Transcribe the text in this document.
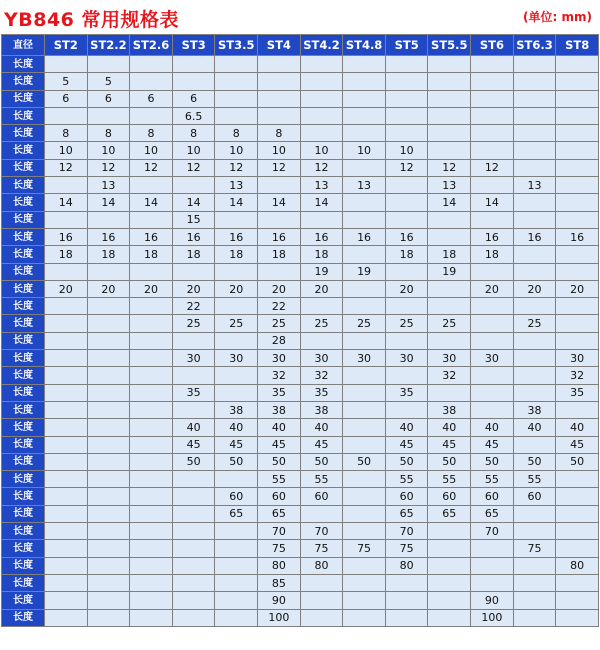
YB846 常用规格表	(单位: mm)
直径	ST2	ST2.2	ST2.6	ST3	ST3.5	ST4	ST4.2	ST4.8	ST5	ST5.5	ST6	ST6.3	ST8
长度													
长度	5	5											
长度	6	6	6	6									
长度				6.5									
长度	8	8	8	8	8	8							
长度	10	10	10	10	10	10	10	10	10				
长度	12	12	12	12	12	12	12		12	12	12		
长度		13			13		13	13		13		13	
长度	14	14	14	14	14	14	14			14	14		
长度				15									
长度	16	16	16	16	16	16	16	16	16		16	16	16
长度	18	18	18	18	18	18	18		18	18	18		
长度							19	19		19			
长度	20	20	20	20	20	20	20		20		20	20	20
长度				22		22							
长度				25	25	25	25	25	25	25		25	
长度						28							
长度				30	30	30	30	30	30	30	30		30
长度						32	32			32			32
长度				35		35	35		35				35
长度					38	38	38			38		38	
长度				40	40	40	40		40	40	40	40	40
长度				45	45	45	45		45	45	45		45
长度				50	50	50	50	50	50	50	50	50	50
长度						55	55		55	55	55	55	
长度					60	60	60		60	60	60	60	
长度					65	65			65	65	65		
长度						70	70		70		70		
长度						75	75	75	75			75	
长度						80	80		80				80
长度						85							
长度						90					90		
长度						100					100		
